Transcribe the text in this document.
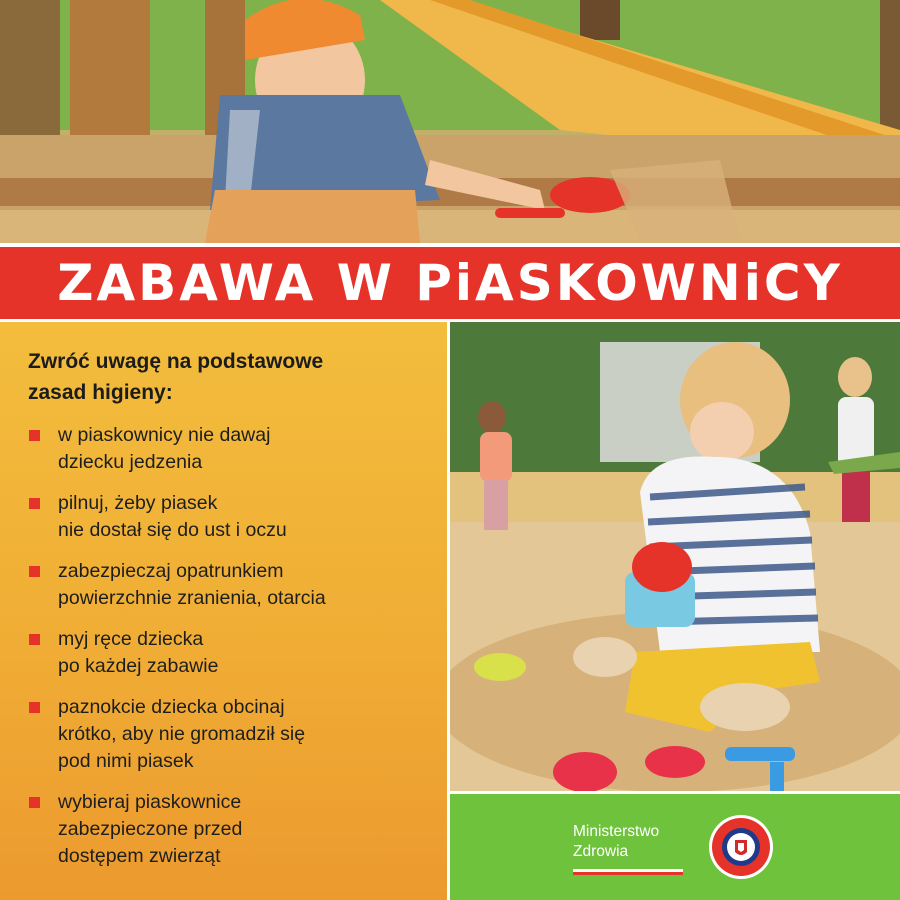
ZABAWA W PiASKOWNiCY
Zwróć uwagę na podstawowe
zasad higieny:
w piaskownicy nie dawaj
dziecku jedzenia
pilnuj, żeby piasek
nie dostał się do ust i oczu
zabezpieczaj opatrunkiem
powierzchnie zranienia, otarcia
myj ręce dziecka
po każdej zabawie
paznokcie dziecka obcinaj
krótko, aby nie gromadził się
pod nimi piasek
wybieraj piaskownice
zabezpieczone przed
dostępem zwierząt
Ministerstwo
Zdrowia
